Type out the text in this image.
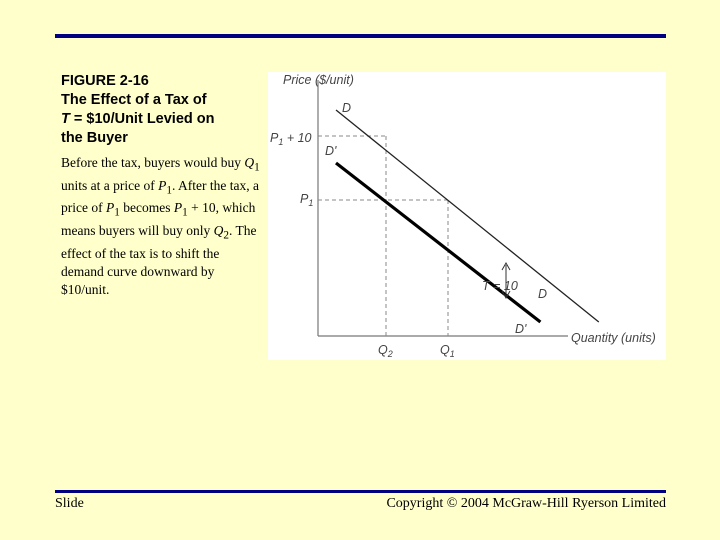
FIGURE 2-16

The Effect of a Tax of

T = $10/Unit Levied on

the Buyer

Before the tax, buyers would buy $Q_1$ units at a price of $P_1$. After the tax, a price of $P_1$ becomes $P_1 + 10$, which means buyers will buy only $Q_2$. The effect of the tax is to shift the demand curve downward by $10/unit.

Price ($/unit)
Quantity (units)
T = 10
D
D'
D
D'
$P_1 + 10$
$P_1$
$Q_2$	$Q_1$
Slide	Copyright © 2004 McGraw-Hill Ryerson Limited
